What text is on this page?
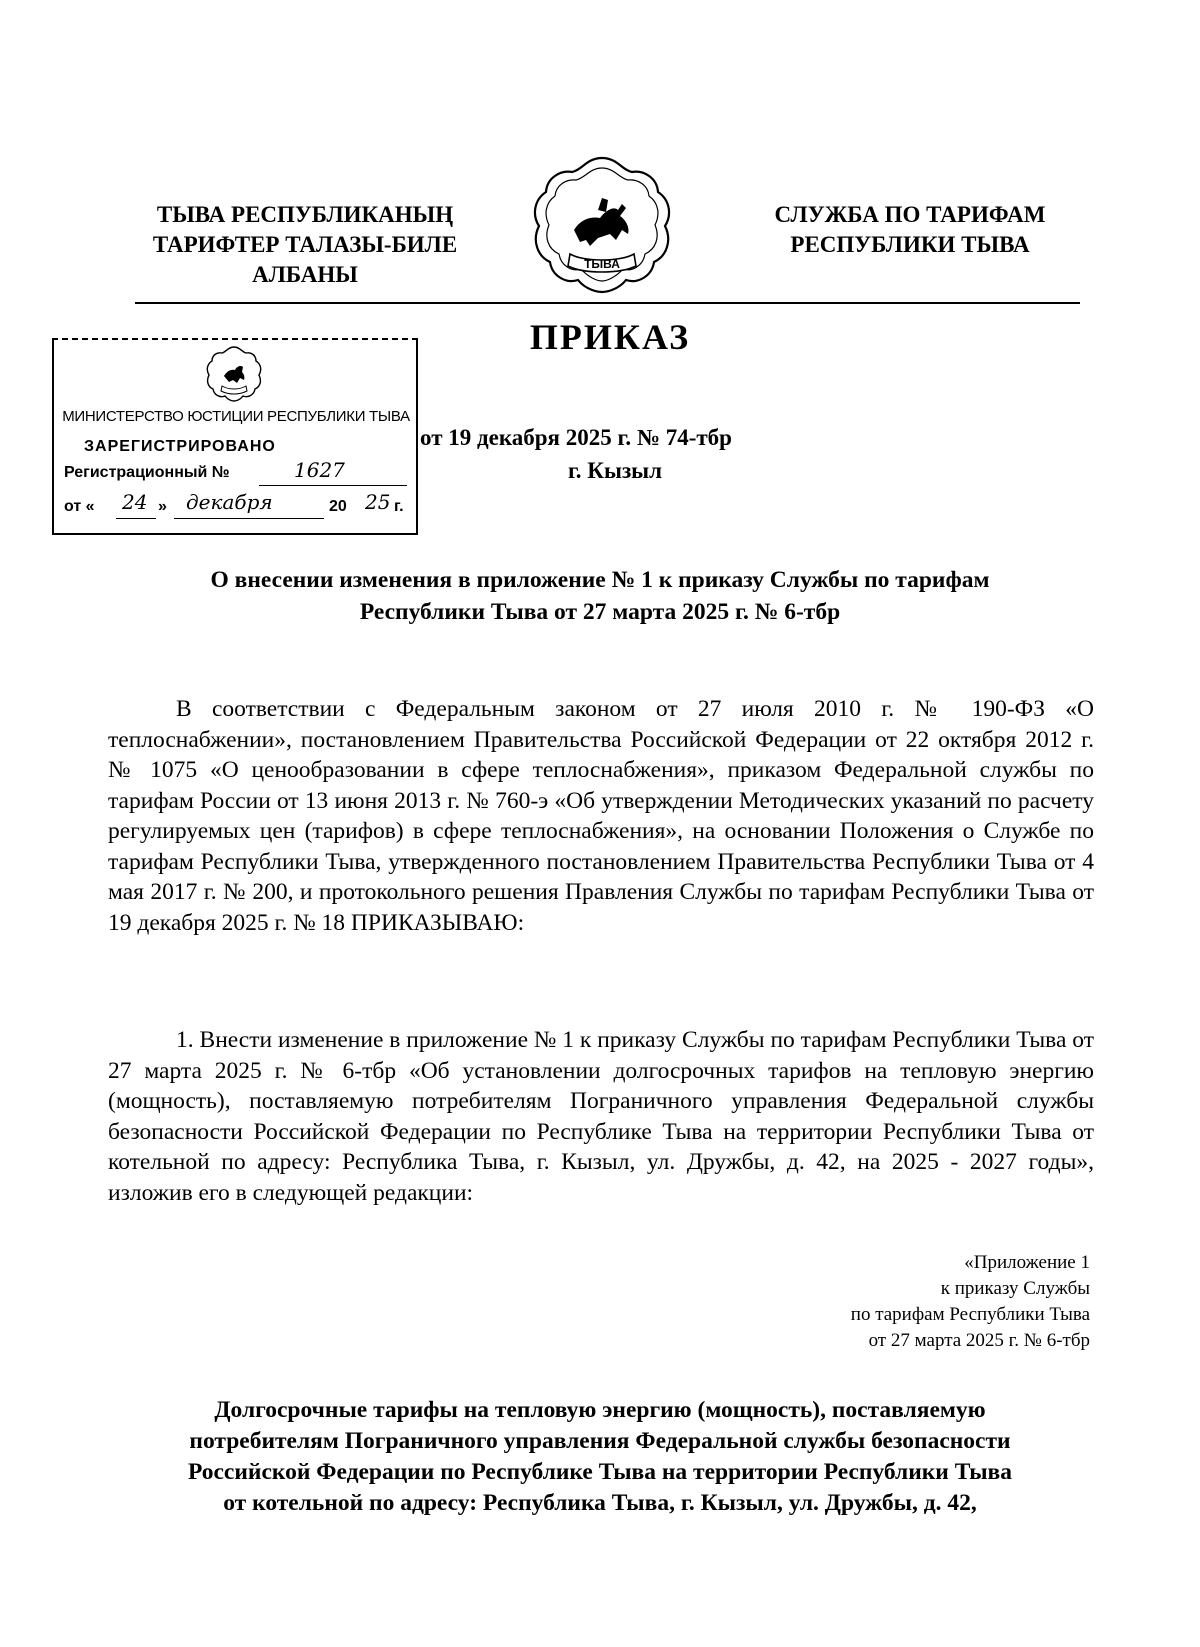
ТЫВА РЕСПУБЛИКАНЫҢ
ТАРИФТЕР ТАЛАЗЫ-БИЛЕ
АЛБАНЫ	ТЫВА
СЛУЖБА ПО ТАРИФАМ
РЕСПУБЛИКИ ТЫВА
ПРИКАЗ
МИНИСТЕРСТВО ЮСТИЦИИ РЕСПУБЛИКИ ТЫВА
ЗАРЕГИСТРИРОВАНО
Регистрационный №	1627
от « 24 » декабря	20 25 г.
от 19 декабря 2025 г. № 74-тбр
г. Кызыл
О внесении изменения в приложение № 1 к приказу Службы по тарифам
Республики Тыва от 27 марта 2025 г. № 6-тбр
В соответствии с Федеральным законом от 27 июля 2010 г. № 190-ФЗ «О теплоснабжении», постановлением Правительства Российской Федерации от 22 октября 2012 г. № 1075 «О ценообразовании в сфере теплоснабжения», приказом Федеральной службы по тарифам России от 13 июня 2013 г. № 760-э «Об утверждении Методических указаний по расчету регулируемых цен (тарифов) в сфере теплоснабжения», на основании Положения о Службе по тарифам Республики Тыва, утвержденного постановлением Правительства Республики Тыва от 4 мая 2017 г. № 200, и протокольного решения Правления Службы по тарифам Республики Тыва от 19 декабря 2025 г. № 18 ПРИКАЗЫВАЮ:
1. Внести изменение в приложение № 1 к приказу Службы по тарифам Республики Тыва от 27 марта 2025 г. № 6-тбр «Об установлении долгосрочных тарифов на тепловую энергию (мощность), поставляемую потребителям Пограничного управления Федеральной службы безопасности Российской Федерации по Республике Тыва на территории Республики Тыва от котельной по адресу: Республика Тыва, г. Кызыл, ул. Дружбы, д. 42, на 2025 - 2027 годы», изложив его в следующей редакции:
«Приложение 1
к приказу Службы
по тарифам Республики Тыва
от 27 марта 2025 г. № 6-тбр
Долгосрочные тарифы на тепловую энергию (мощность), поставляемую
потребителям Пограничного управления Федеральной службы безопасности
Российской Федерации по Республике Тыва на территории Республики Тыва
от котельной по адресу: Республика Тыва, г. Кызыл, ул. Дружбы, д. 42,
